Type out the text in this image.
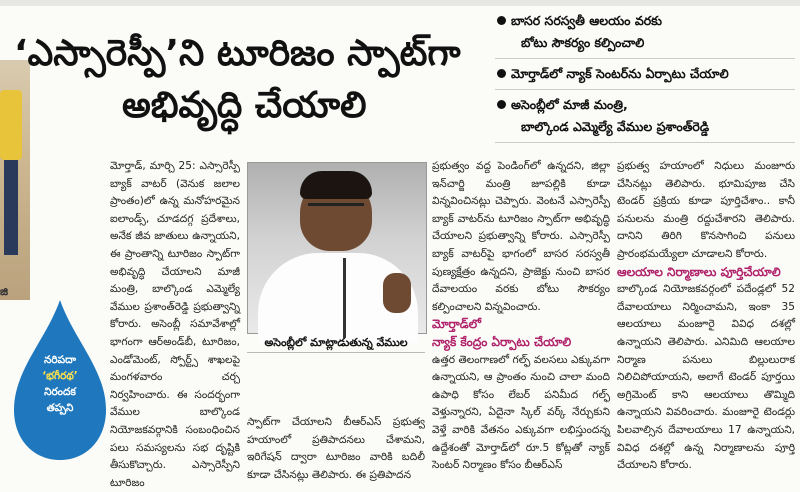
జి
నరిపదా
‘భగీరథ’
నిరందక
తప్పని
‘ఎస్సారెస్పీ’ని టూరిజం స్పాట్‌గా
అభివృద్ధి చేయాలి
బాసర సరస్వతీ ఆలయం వరకు
బోటు సౌకర్యం కల్పించాలి
మోర్తాడ్‌లో న్యాక్ సెంటర్‌ను ఏర్పాటు చేయాలి
అసెంబ్లీలో మాజీ మంత్రి,
బాల్కొండ ఎమ్మెల్యే వేముల ప్రశాంత్‌రెడ్డి
మోర్తాడ్, మార్చి 25: ఎస్సారెస్పీ బ్యాక్ వాటర్ (వెనుక జలాల ప్రాంతం)లో ఉన్న మనోహరమైన ఐలాండ్స్, చూడదగ్గ ప్రదేశాలు, అనేక జీవ జాతులు ఉన్నాయని, ఈ ప్రాంతాన్ని టూరిజం స్పాట్‌గా అభివృద్ధి చేయాలని మాజీ మంత్రి, బాల్కొండ ఎమ్మెల్యే వేముల ప్రశాంత్‌రెడ్డి ప్రభుత్వాన్ని కోరారు. అసెంబ్లీ సమావేశాల్లో భాగంగా ఆర్అండ్‌బీ, టూరిజం, ఎండోమెంట్, స్పోర్ట్స్ శాఖలపై మంగళవారం చర్చ నిర్వహించారు. ఈ సందర్భంగా వేముల బాల్కొండ నియోజకవర్గానికి సంబంధించిన పలు సమస్యలను సభ దృష్టికి తీసుకొచ్చారు. ఎస్సారెస్పీని టూరిజం
అసెంబ్లీలో మాట్లాడుతున్న వేముల
స్పాట్‌గా చేయాలని బీఆర్ఎస్ ప్రభుత్వ హయాంలో ప్రతిపాదనలు చేశామని, ఇరిగేషన్ ద్వారా టూరిజం వారికి బదిలీ కూడా చేసినట్లు తెలిపారు. ఈ ప్రతిపాదన
ప్రభుత్వం వద్ద పెండింగ్‌లో ఉన్నదని, జిల్లా ఇన్‌చార్జి మంత్రి జూపల్లికి కూడా విన్నవించినట్లు చెప్పారు. వెంటనే ఎస్సారెస్పీ బ్యాక్ వాటర్‌ను టూరిజం స్పాట్‌గా అభివృద్ధి చేయాలని ప్రభుత్వాన్ని కోరారు. ఎస్సారెస్పీ బ్యాక్ వాటర్‌పై భాగంలో బాసర సరస్వతీ పుణ్యక్షేత్రం ఉన్నదని, ప్రాజెక్టు నుంచి బాసర దేవాలయం వరకు బోటు సౌకర్యం కల్పించాలని విన్నవించారు.
మోర్తాడ్‌లో
న్యాక్ కేంద్రం ఏర్పాటు చేయాలి
ఉత్తర తెలంగాణలో గల్ఫ్ వలసలు ఎక్కువగా ఉన్నాయని, ఆ ప్రాంతం నుంచి చాలా మంది ఉపాధి కోసం లేబర్ పనిమీద గల్ఫ్ వెళ్తున్నారని, ఏదైనా స్కిల్ వర్క్ నేర్చుకుని వెళ్తే వారికి వేతనం ఎక్కువగా లభిస్తుందన్న ఉద్దేశంతో మోర్తాడ్‌లో రూ.5 కోట్లతో న్యాక్ సెంటర్ నిర్మాణం కోసం బీఆర్ఎస్
ప్రభుత్వ హయాంలో నిధులు మంజూరు చేసినట్లు తెలిపారు. భూమిపూజ చేసి టెండర్ ప్రక్రియ కూడా పూర్తిచేశాం.. కానీ పనులను మంత్రి రద్దుచేశారని తెలిపారు. దానిని తిరిగి కొనసాగించి పనులు ప్రారంభమయ్యేలా చూడాలని కోరారు.
ఆలయాల నిర్మాణాలు పూర్తిచేయాలి
బాల్కొండ నియోజకవర్గంలో పదేండ్లలో 52 దేవాలయాలు నిర్మించామని, ఇంకా 35 ఆలయాలు మంజూరై వివిధ దశల్లో ఉన్నాయని తెలిపారు. ఎనిమిది ఆలయాల నిర్మాణ పనులు బిల్లులురాక నిలిచిపోయాయని, అలాగే టెండర్ పూర్తయి అగ్రిమెంట్ కాని ఆలయాలు తొమ్మిది ఉన్నాయని వివరించారు. మంజూరై టెండర్లు పిలవాల్సిన దేవాలయాలు 17 ఉన్నాయని, వివిధ దశల్లో ఉన్న నిర్మాణాలను పూర్తి చేయాలని కోరారు.
